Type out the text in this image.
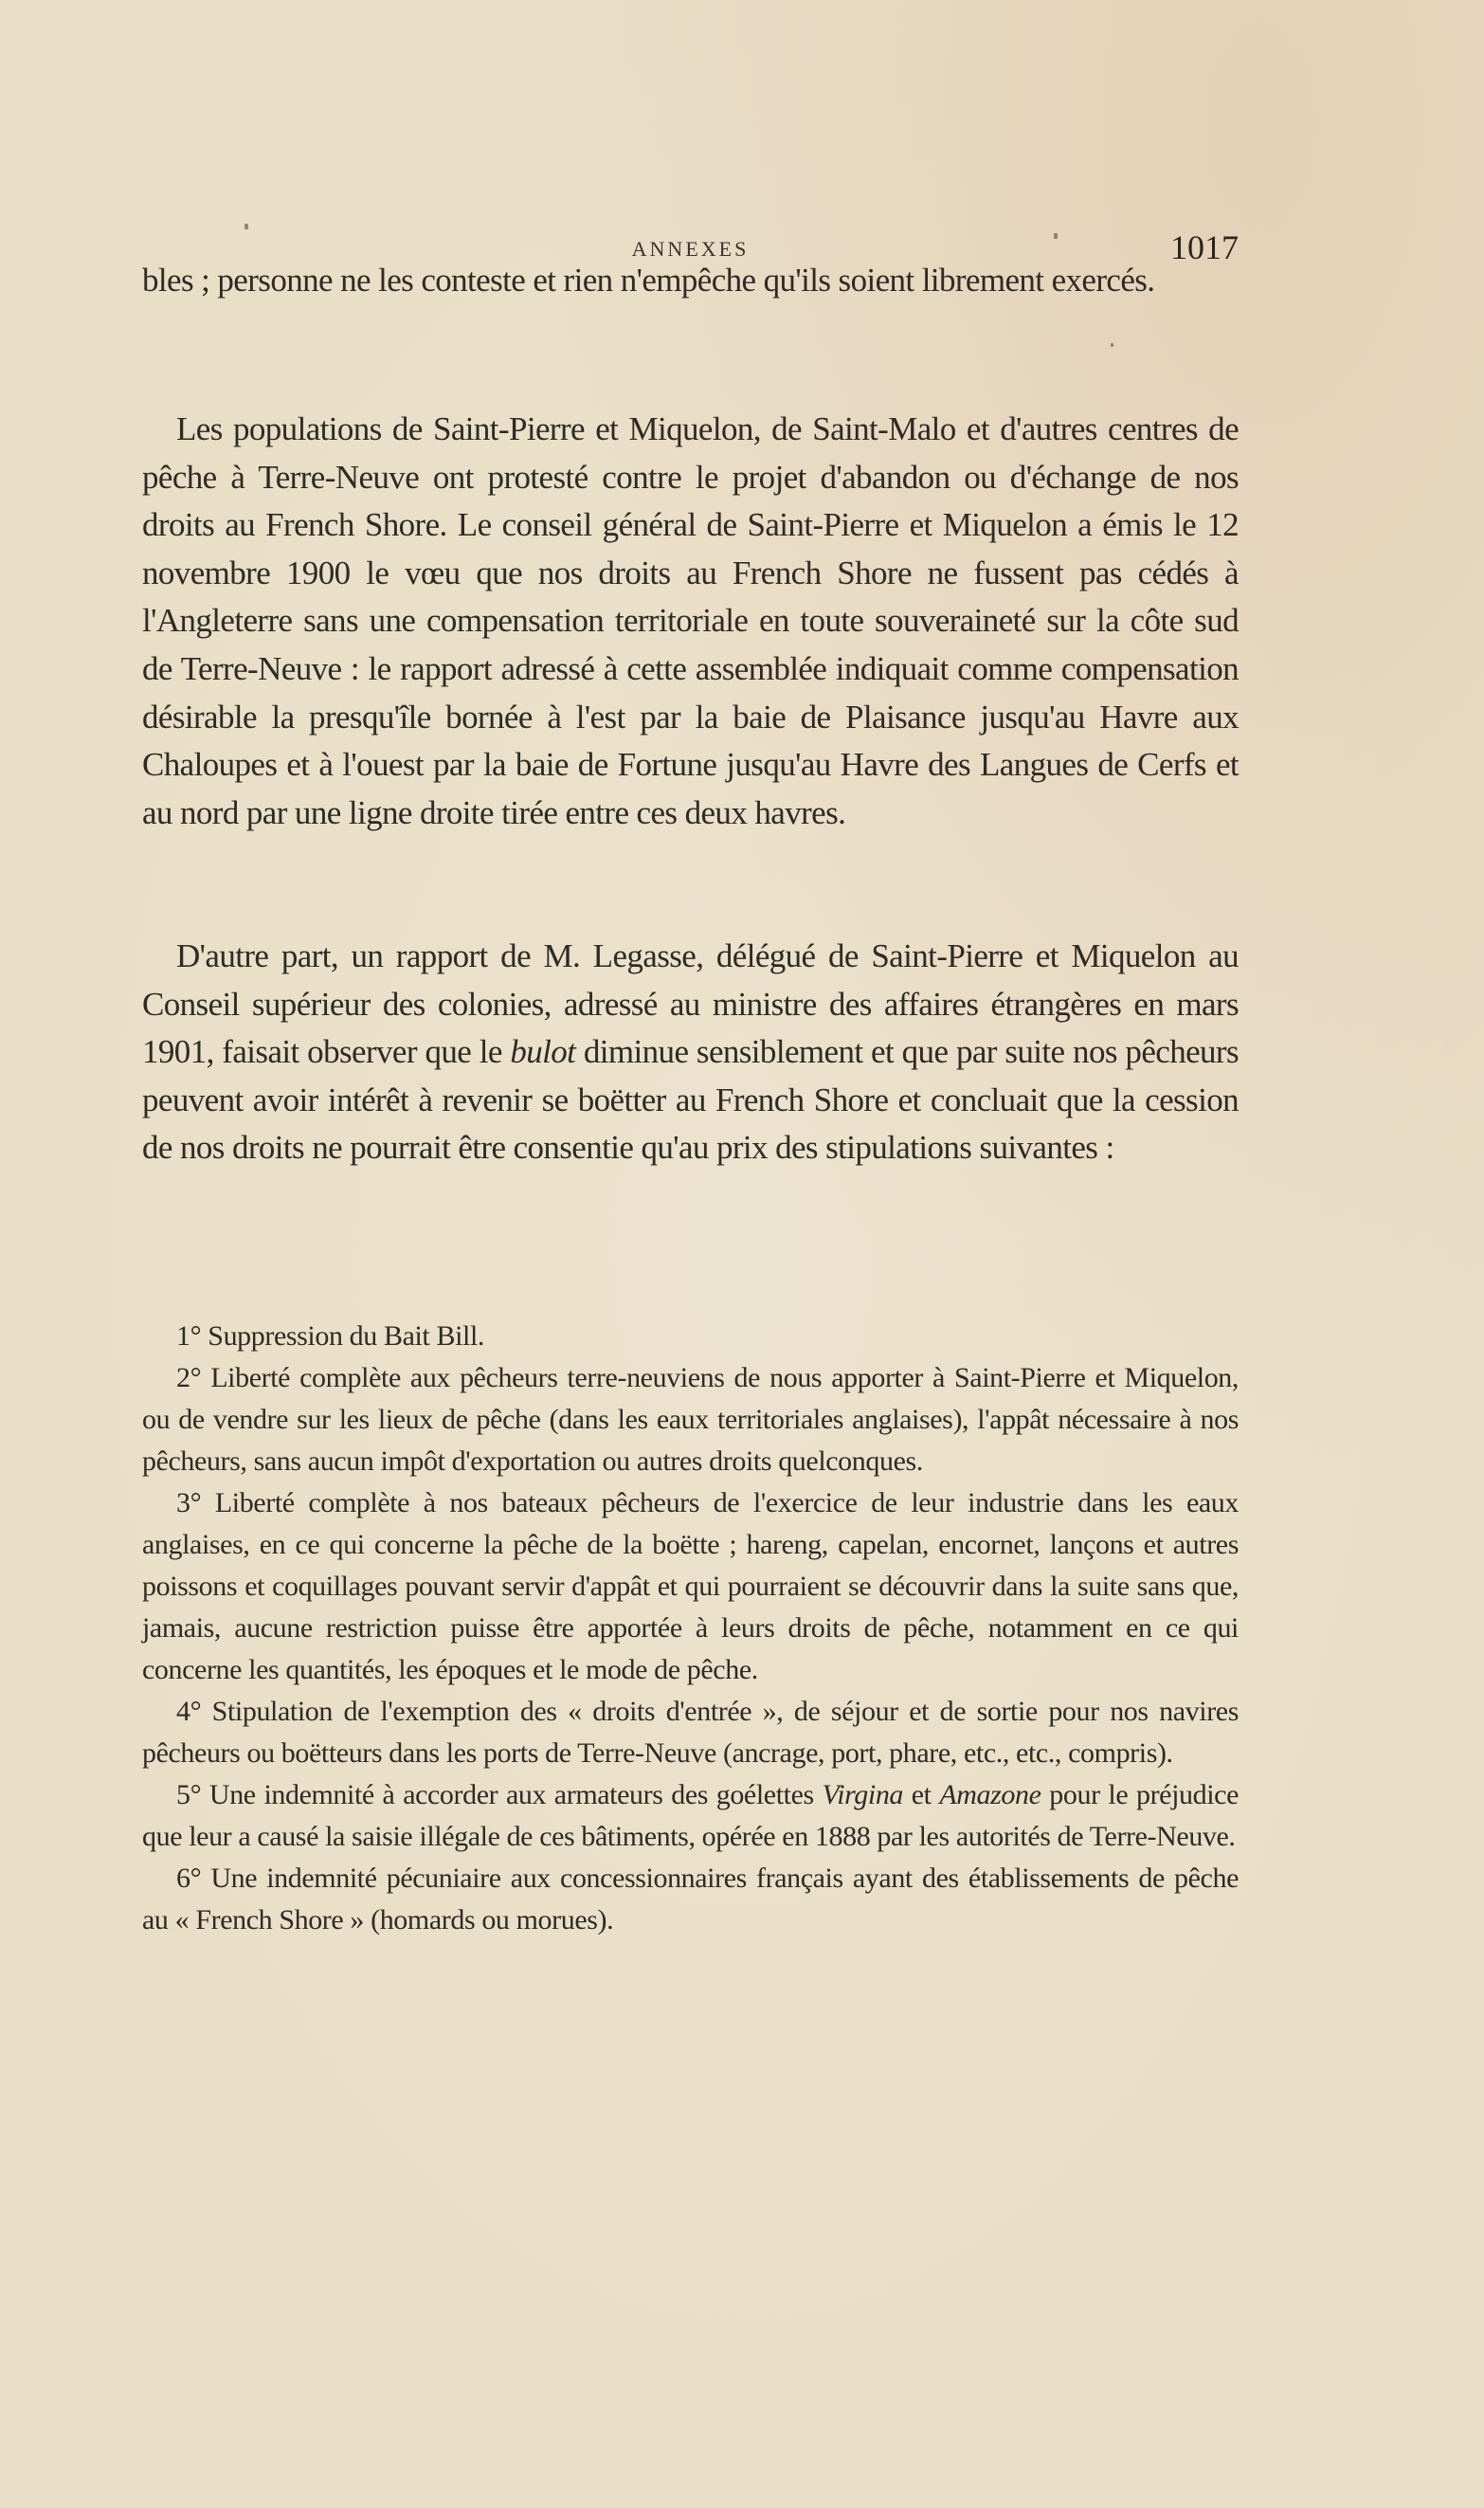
ANNEXES	1017

bles ; personne ne les conteste et rien n'empêche qu'ils soient librement exercés.

Les populations de Saint-Pierre et Miquelon, de Saint-Malo et d'autres centres de pêche à Terre-Neuve ont protesté contre le projet d'abandon ou d'échange de nos droits au French Shore. Le conseil général de Saint-Pierre et Miquelon a émis le 12 novembre 1900 le vœu que nos droits au French Shore ne fussent pas cédés à l'Angleterre sans une compensation territoriale en toute souveraineté sur la côte sud de Terre-Neuve : le rapport adressé à cette assemblée indiquait comme compensation désirable la presqu'île bornée à l'est par la baie de Plaisance jusqu'au Havre aux Chaloupes et à l'ouest par la baie de Fortune jusqu'au Havre des Langues de Cerfs et au nord par une ligne droite tirée entre ces deux havres.

D'autre part, un rapport de M. Legasse, délégué de Saint-Pierre et Miquelon au Conseil supérieur des colonies, adressé au ministre des affaires étrangères en mars 1901, faisait observer que le bulot diminue sensiblement et que par suite nos pêcheurs peuvent avoir intérêt à revenir se boëtter au French Shore et concluait que la cession de nos droits ne pourrait être consentie qu'au prix des stipulations suivantes :

1° Suppression du Bait Bill.

2° Liberté complète aux pêcheurs terre-neuviens de nous apporter à Saint-Pierre et Miquelon, ou de vendre sur les lieux de pêche (dans les eaux territoriales anglaises), l'appât nécessaire à nos pêcheurs, sans aucun impôt d'exportation ou autres droits quelconques.

3° Liberté complète à nos bateaux pêcheurs de l'exercice de leur industrie dans les eaux anglaises, en ce qui concerne la pêche de la boëtte ; hareng, capelan, encornet, lançons et autres poissons et coquillages pouvant servir d'appât et qui pourraient se découvrir dans la suite sans que, jamais, aucune restriction puisse être apportée à leurs droits de pêche, notamment en ce qui concerne les quantités, les époques et le mode de pêche.

4° Stipulation de l'exemption des « droits d'entrée », de séjour et de sortie pour nos navires pêcheurs ou boëtteurs dans les ports de Terre-Neuve (ancrage, port, phare, etc., etc., compris).

5° Une indemnité à accorder aux armateurs des goélettes Virgina et Amazone pour le préjudice que leur a causé la saisie illégale de ces bâtiments, opérée en 1888 par les autorités de Terre-Neuve.

6° Une indemnité pécuniaire aux concessionnaires français ayant des établissements de pêche au « French Shore » (homards ou morues).
